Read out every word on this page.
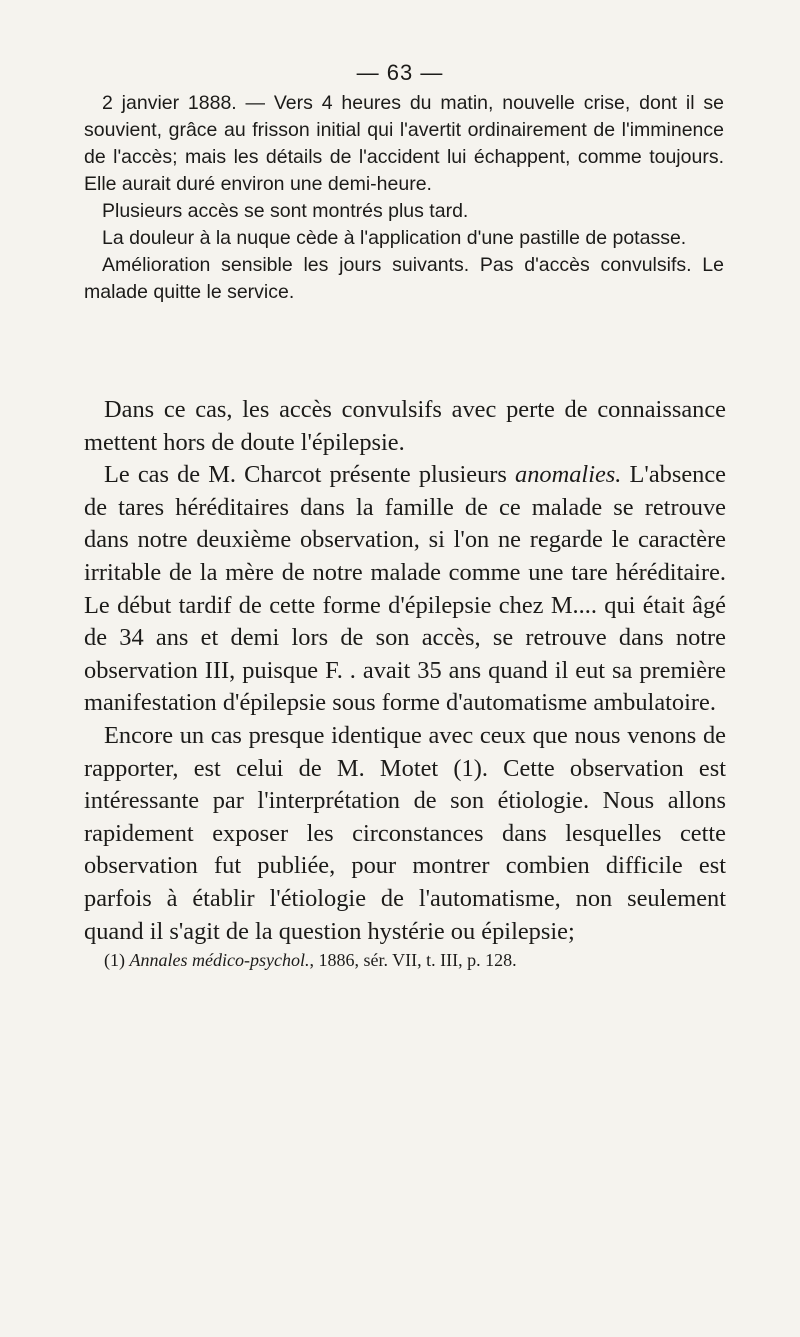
— 63 —

2 janvier 1888. — Vers 4 heures du matin, nouvelle crise, dont il se souvient, grâce au frisson initial qui l'avertit ordinairement de l'imminence de l'accès; mais les détails de l'accident lui échappent, comme toujours. Elle aurait duré environ une demi-heure.

Plusieurs accès se sont montrés plus tard.

La douleur à la nuque cède à l'application d'une pastille de potasse.

Amélioration sensible les jours suivants. Pas d'accès convulsifs. Le malade quitte le service.

Dans ce cas, les accès convulsifs avec perte de connaissance mettent hors de doute l'épilepsie.

Le cas de M. Charcot présente plusieurs anomalies. L'absence de tares héréditaires dans la famille de ce malade se retrouve dans notre deuxième observation, si l'on ne regarde le caractère irritable de la mère de notre malade comme une tare héréditaire. Le début tardif de cette forme d'épilepsie chez M.... qui était âgé de 34 ans et demi lors de son accès, se retrouve dans notre observation III, puisque F. . avait 35 ans quand il eut sa première manifestation d'épilepsie sous forme d'automatisme ambulatoire.

Encore un cas presque identique avec ceux que nous venons de rapporter, est celui de M. Motet (1). Cette observation est intéressante par l'interprétation de son étiologie. Nous allons rapidement exposer les circonstances dans lesquelles cette observation fut publiée, pour montrer combien difficile est parfois à établir l'étiologie de l'automatisme, non seulement quand il s'agit de la question hystérie ou épilepsie;

(1) Annales médico-psychol., 1886, sér. VII, t. III, p. 128.
